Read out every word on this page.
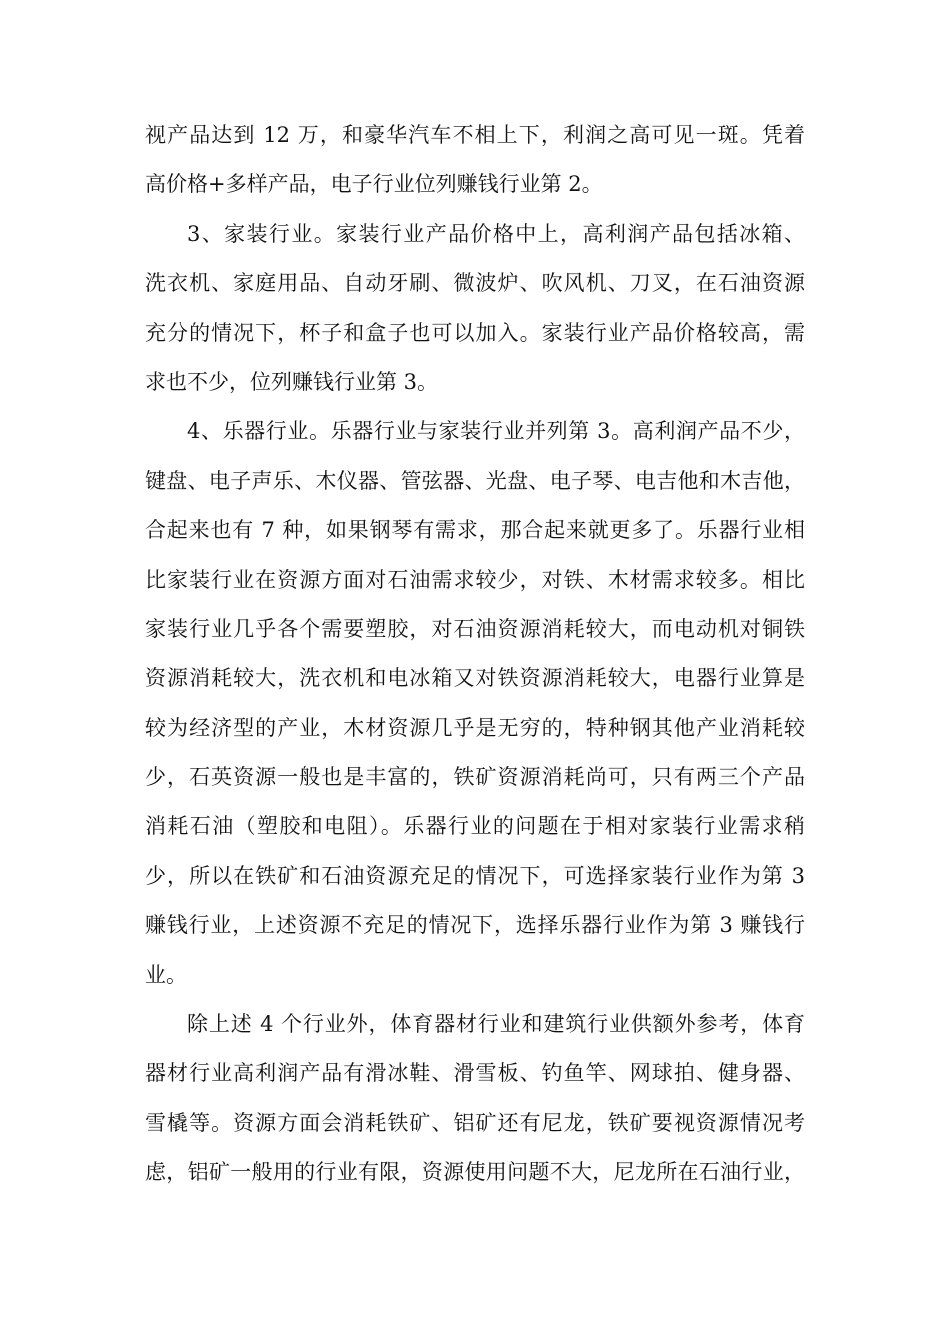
视产品达到 12 万，和豪华汽车不相上下，利润之高可见一斑。凭着
高价格+多样产品，电子行业位列赚钱行业第 2。
3、家装行业。家装行业产品价格中上，高利润产品包括冰箱、
洗衣机、家庭用品、自动牙刷、微波炉、吹风机、刀叉，在石油资源
充分的情况下，杯子和盒子也可以加入。家装行业产品价格较高，需
求也不少，位列赚钱行业第 3。
4、乐器行业。乐器行业与家装行业并列第 3。高利润产品不少，
键盘、电子声乐、木仪器、管弦器、光盘、电子琴、电吉他和木吉他，
合起来也有 7 种，如果钢琴有需求，那合起来就更多了。乐器行业相
比家装行业在资源方面对石油需求较少，对铁、木材需求较多。相比
家装行业几乎各个需要塑胶，对石油资源消耗较大，而电动机对铜铁
资源消耗较大，洗衣机和电冰箱又对铁资源消耗较大，电器行业算是
较为经济型的产业，木材资源几乎是无穷的，特种钢其他产业消耗较
少，石英资源一般也是丰富的，铁矿资源消耗尚可，只有两三个产品
消耗石油（塑胶和电阻）。乐器行业的问题在于相对家装行业需求稍
少，所以在铁矿和石油资源充足的情况下，可选择家装行业作为第 3
赚钱行业，上述资源不充足的情况下，选择乐器行业作为第 3 赚钱行
业。
除上述 4 个行业外，体育器材行业和建筑行业供额外参考，体育
器材行业高利润产品有滑冰鞋、滑雪板、钓鱼竿、网球拍、健身器、
雪橇等。资源方面会消耗铁矿、铝矿还有尼龙，铁矿要视资源情况考
虑，铝矿一般用的行业有限，资源使用问题不大，尼龙所在石油行业，
